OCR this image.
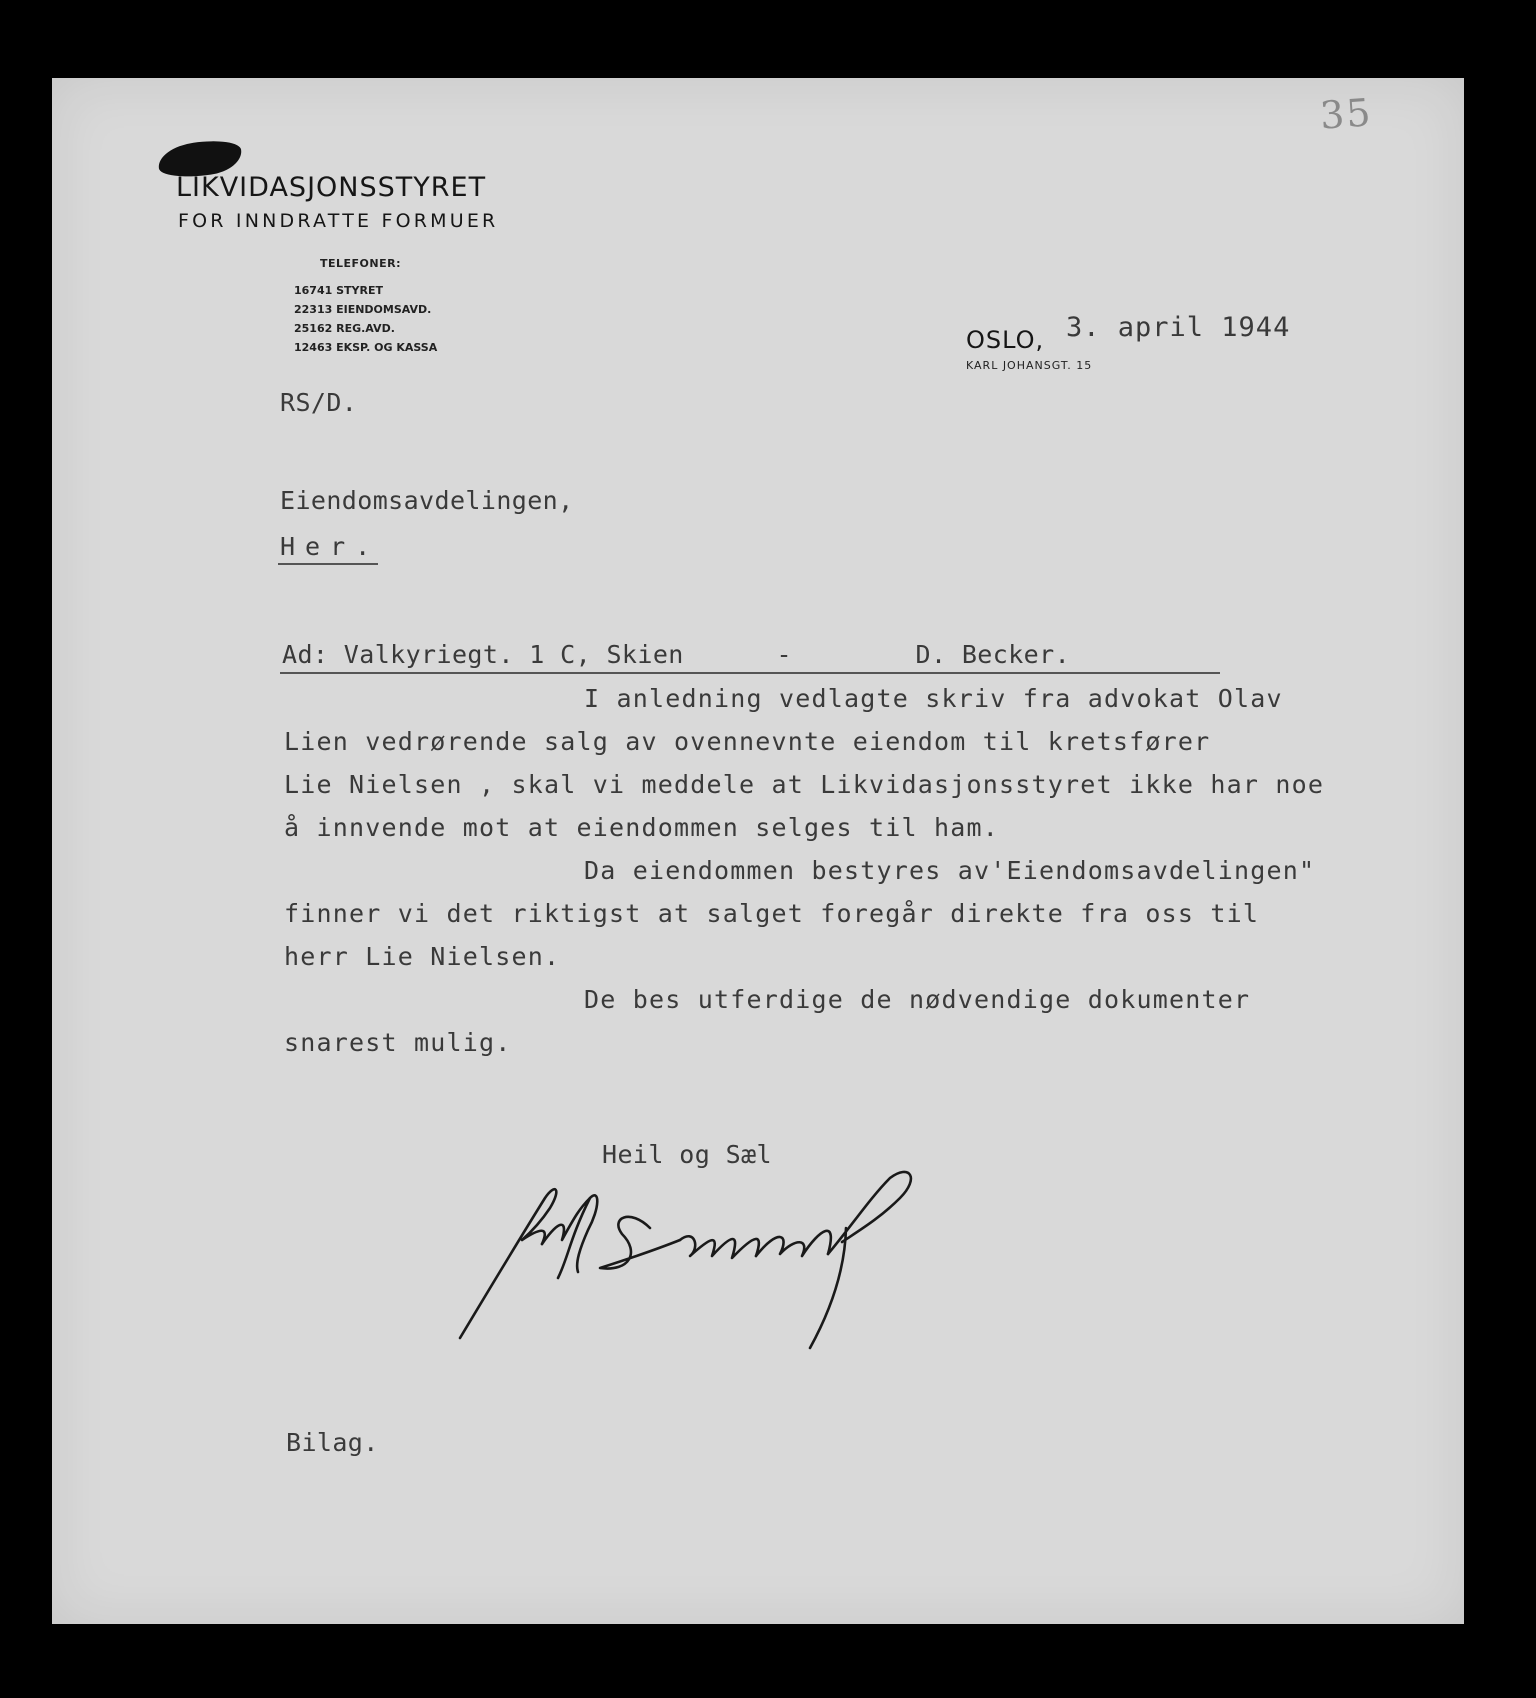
35
LIKVIDASJONSSTYRET
FOR INNDRATTE FORMUER
TELEFONER:
16741 STYRET
22313 EIENDOMSAVD.
25162 REG.AVD.
12463 EKSP. OG KASSA	OSLO,
KARL JOHANSGT. 15
3. april 1944
RS/D.
Eiendomsavdelingen,
Her.
Ad: Valkyriegt. 1 C, Skien      -        D. Becker.
I anledning vedlagte skriv fra advokat Olav
Lien vedrørende salg av ovennevnte eiendom til kretsfører
Lie Nielsen , skal vi meddele at Likvidasjonsstyret ikke har noe
å innvende mot at eiendommen selges til ham.
Da eiendommen bestyres av'Eiendomsavdelingen"
finner vi det riktigst at salget foregår direkte fra oss til
herr Lie Nielsen.
De bes utferdige de nødvendige dokumenter
snarest mulig.
Heil og Sæl
Bilag.
